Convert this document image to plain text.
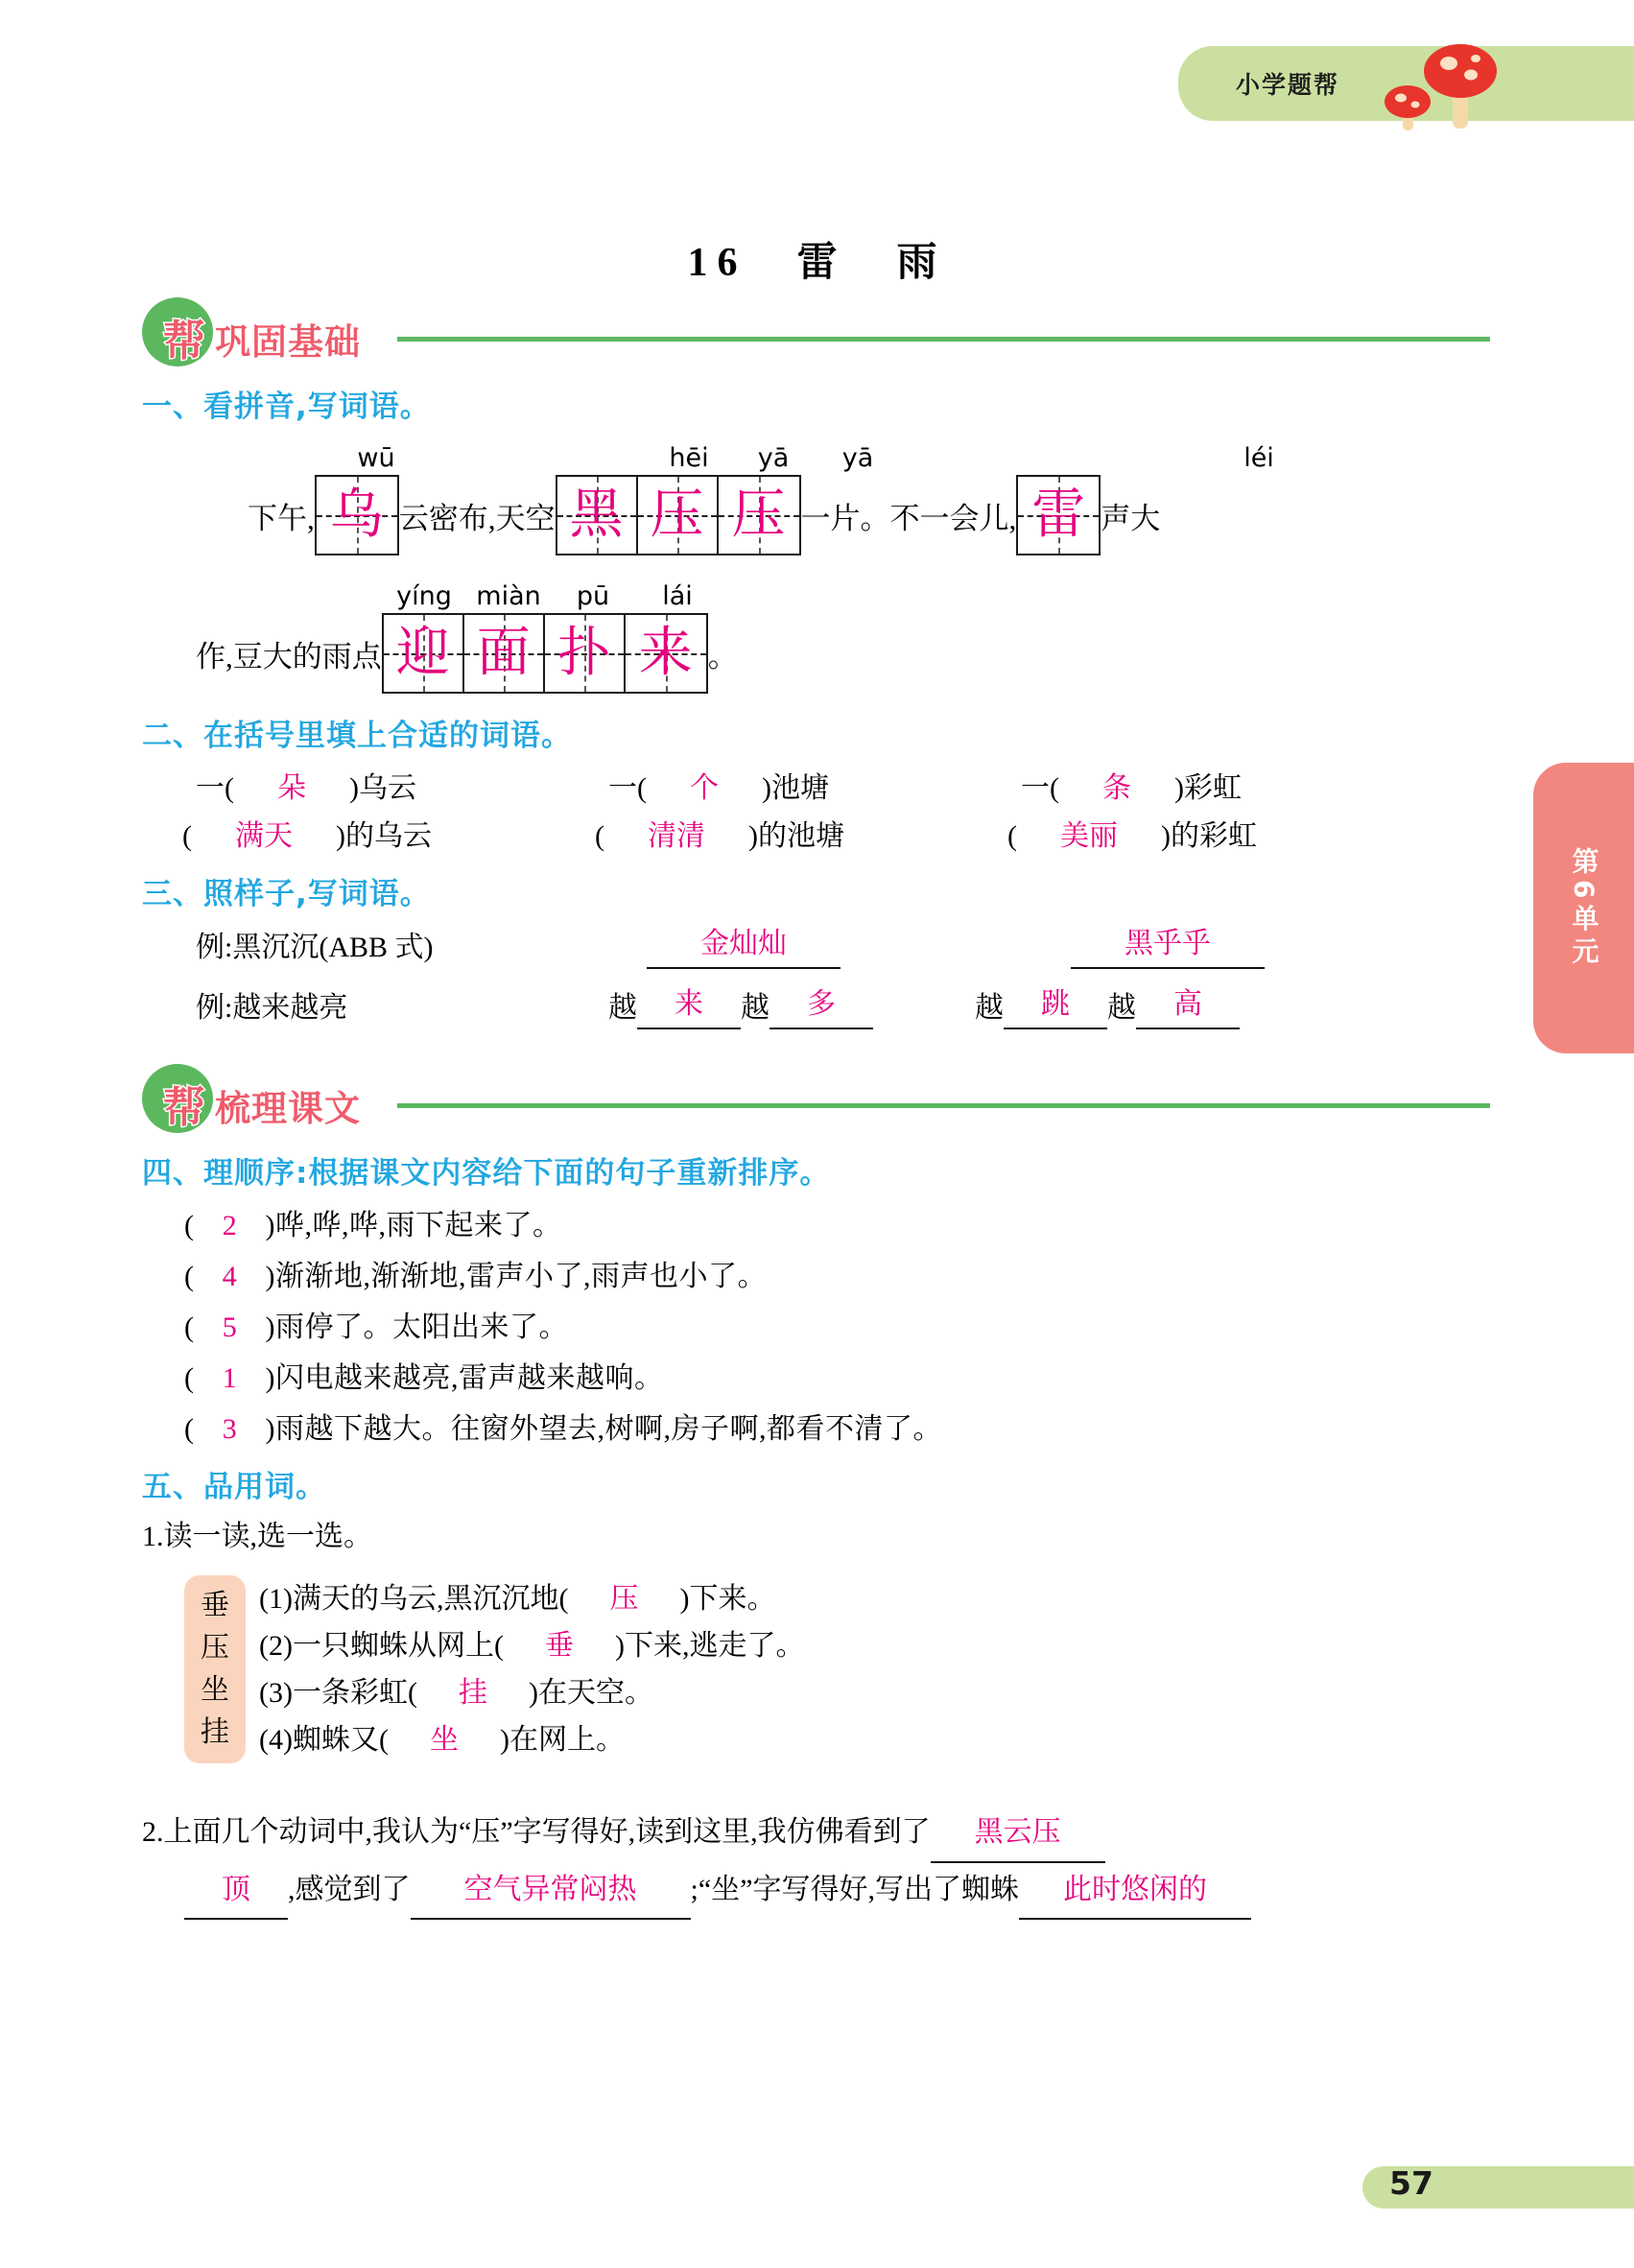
小学题帮
16　雷　雨
第6单元
帮 巩固基础
一、看拼音,写词语。
wū	hēi	yā	yā	léi
下午, 乌 云密布,天空 黑 压 压 一片。不一会儿, 雷 声大
yíng miàn	pū	lái
作,豆大的雨点 迎 面 扑 来 。
二、在括号里填上合适的词语。
一( 朵 )乌云	一( 个 )池塘	一( 条 )彩虹
( 满天 )的乌云	( 清清 )的池塘	( 美丽 )的彩虹
三、照样子,写词语。
例:黑沉沉(ABB 式)	金灿灿	黑乎乎
例:越来越亮	越	来	越	多	越	跳	越	高
帮 梳理课文
四、理顺序:根据课文内容给下面的句子重新排序。
( 2 )哗,哗,哗,雨下起来了。
( 4 )渐渐地,渐渐地,雷声小了,雨声也小了。
( 5 )雨停了。太阳出来了。
( 1 )闪电越来越亮,雷声越来越响。
( 3 )雨越下越大。往窗外望去,树啊,房子啊,都看不清了。
五、品用词。
1.读一读,选一选。
垂
压
坐
挂
(1)满天的乌云,黑沉沉地( 压 )下来。
(2)一只蜘蛛从网上( 垂 )下来,逃走了。
(3)一条彩虹( 挂 )在天空。
(4)蜘蛛又( 坐 )在网上。
2.上面几个动词中,我认为“压”字写得好,读到这里,我仿佛看到了 黑云压
顶 ,感觉到了 空气异常闷热 ;“坐”字写得好,写出了蜘蛛 此时悠闲的
57
